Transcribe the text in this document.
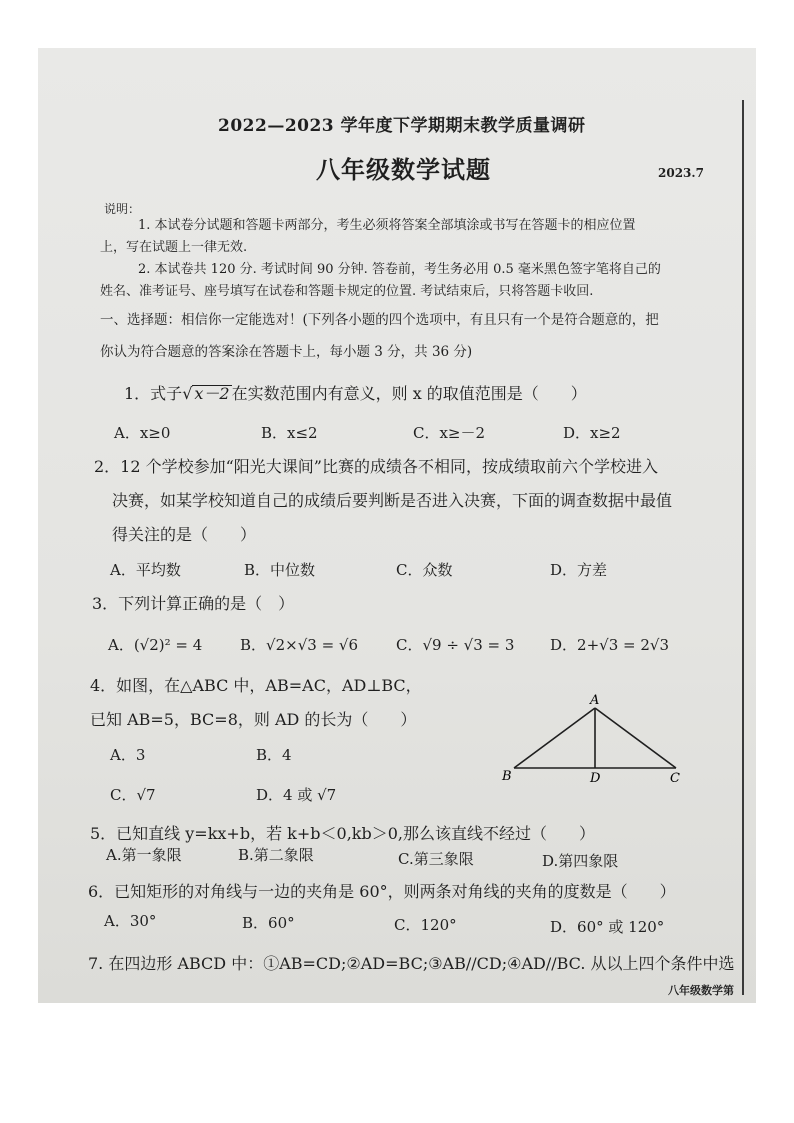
2022—2023 学年度下学期期末教学质量调研
八年级数学试题	2023.7
说明：
1. 本试卷分试题和答题卡两部分，考生必须将答案全部填涂或书写在答题卡的相应位置
上，写在试题上一律无效.
2. 本试卷共 120 分. 考试时间 90 分钟. 答卷前，考生务必用 0.5 毫米黑色签字笔将自己的
姓名、准考证号、座号填写在试卷和答题卡规定的位置. 考试结束后，只将答题卡收回.
一、选择题：相信你一定能选对！(下列各小题的四个选项中，有且只有一个是符合题意的，把
你认为符合题意的答案涂在答题卡上，每小题 3 分，共 36 分)
1．式子√ x－2 在实数范围内有意义，则 x 的取值范围是（　　）
A．x≥0	B．x≤2	C．x≥－2	D．x≥2
2．12 个学校参加“阳光大课间”比赛的成绩各不相同，按成绩取前六个学校进入
决赛，如某学校知道自己的成绩后要判断是否进入决赛，下面的调查数据中最值
得关注的是（　　）
A．平均数	B．中位数	C．众数	D．方差
3．下列计算正确的是（　）
A．(√2)² = 4	B．√2×√3 = √6	C．√9 ÷ √3 = 3 D．2+√3 = 2√3
4．如图，在△ABC 中，AB=AC，AD⊥BC，
已知 AB=5，BC=8，则 AD 的长为（　　）
A．3	B．4
C．√7	D．4 或 √7
A
B	C
D
5．已知直线 y=kx+b，若 k+b＜0,kb＞0,那么该直线不经过（　　）
A.第一象限	B.第二象限	C.第三象限	D.第四象限
6．已知矩形的对角线与一边的夹角是 60°，则两条对角线的夹角的度数是（　　）
A．30°	B．60°	C．120°	D．60° 或 120°
7. 在四边形 ABCD 中：①AB=CD;②AD=BC;③AB//CD;④AD//BC. 从以上四个条件中选
八年级数学第
